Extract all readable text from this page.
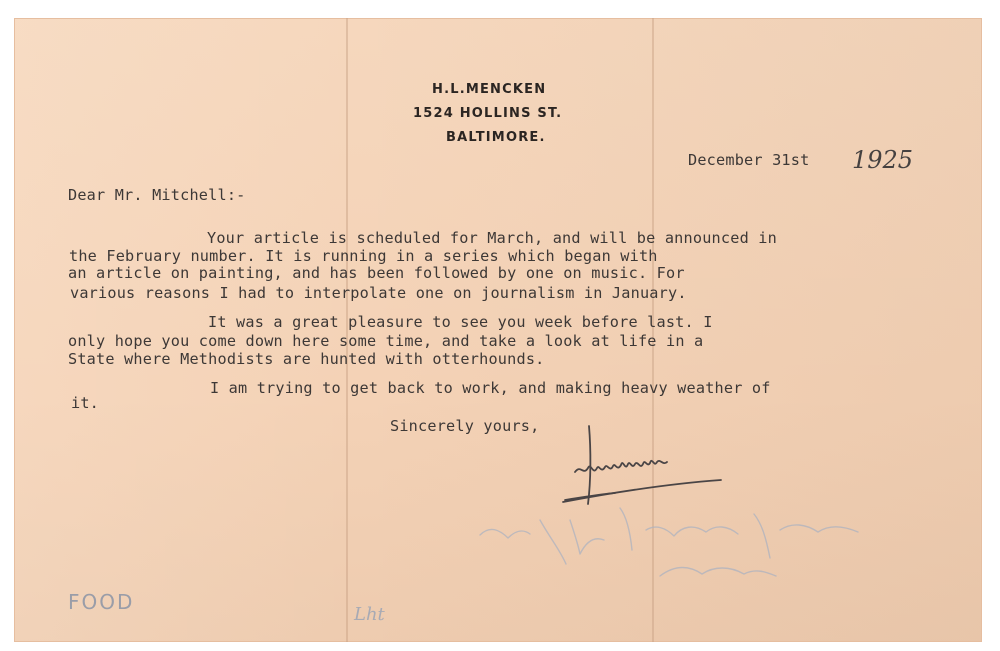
H.L.MENCKEN
1524 HOLLINS ST.
BALTIMORE.
December 31st 1925
Dear Mr. Mitchell:-
Your article is scheduled for March, and will be announced in
the February number. It is running in a series which began with
an article on painting, and has been followed by one on music. For
various reasons I had to interpolate one on journalism in January.
It was a great pleasure to see you week before last. I
only hope you come down here some time, and take a look at life in a
State where Methodists are hunted with otterhounds.
I am trying to get back to work, and making heavy weather of
it.
Sincerely yours,
FOOD
Lht
